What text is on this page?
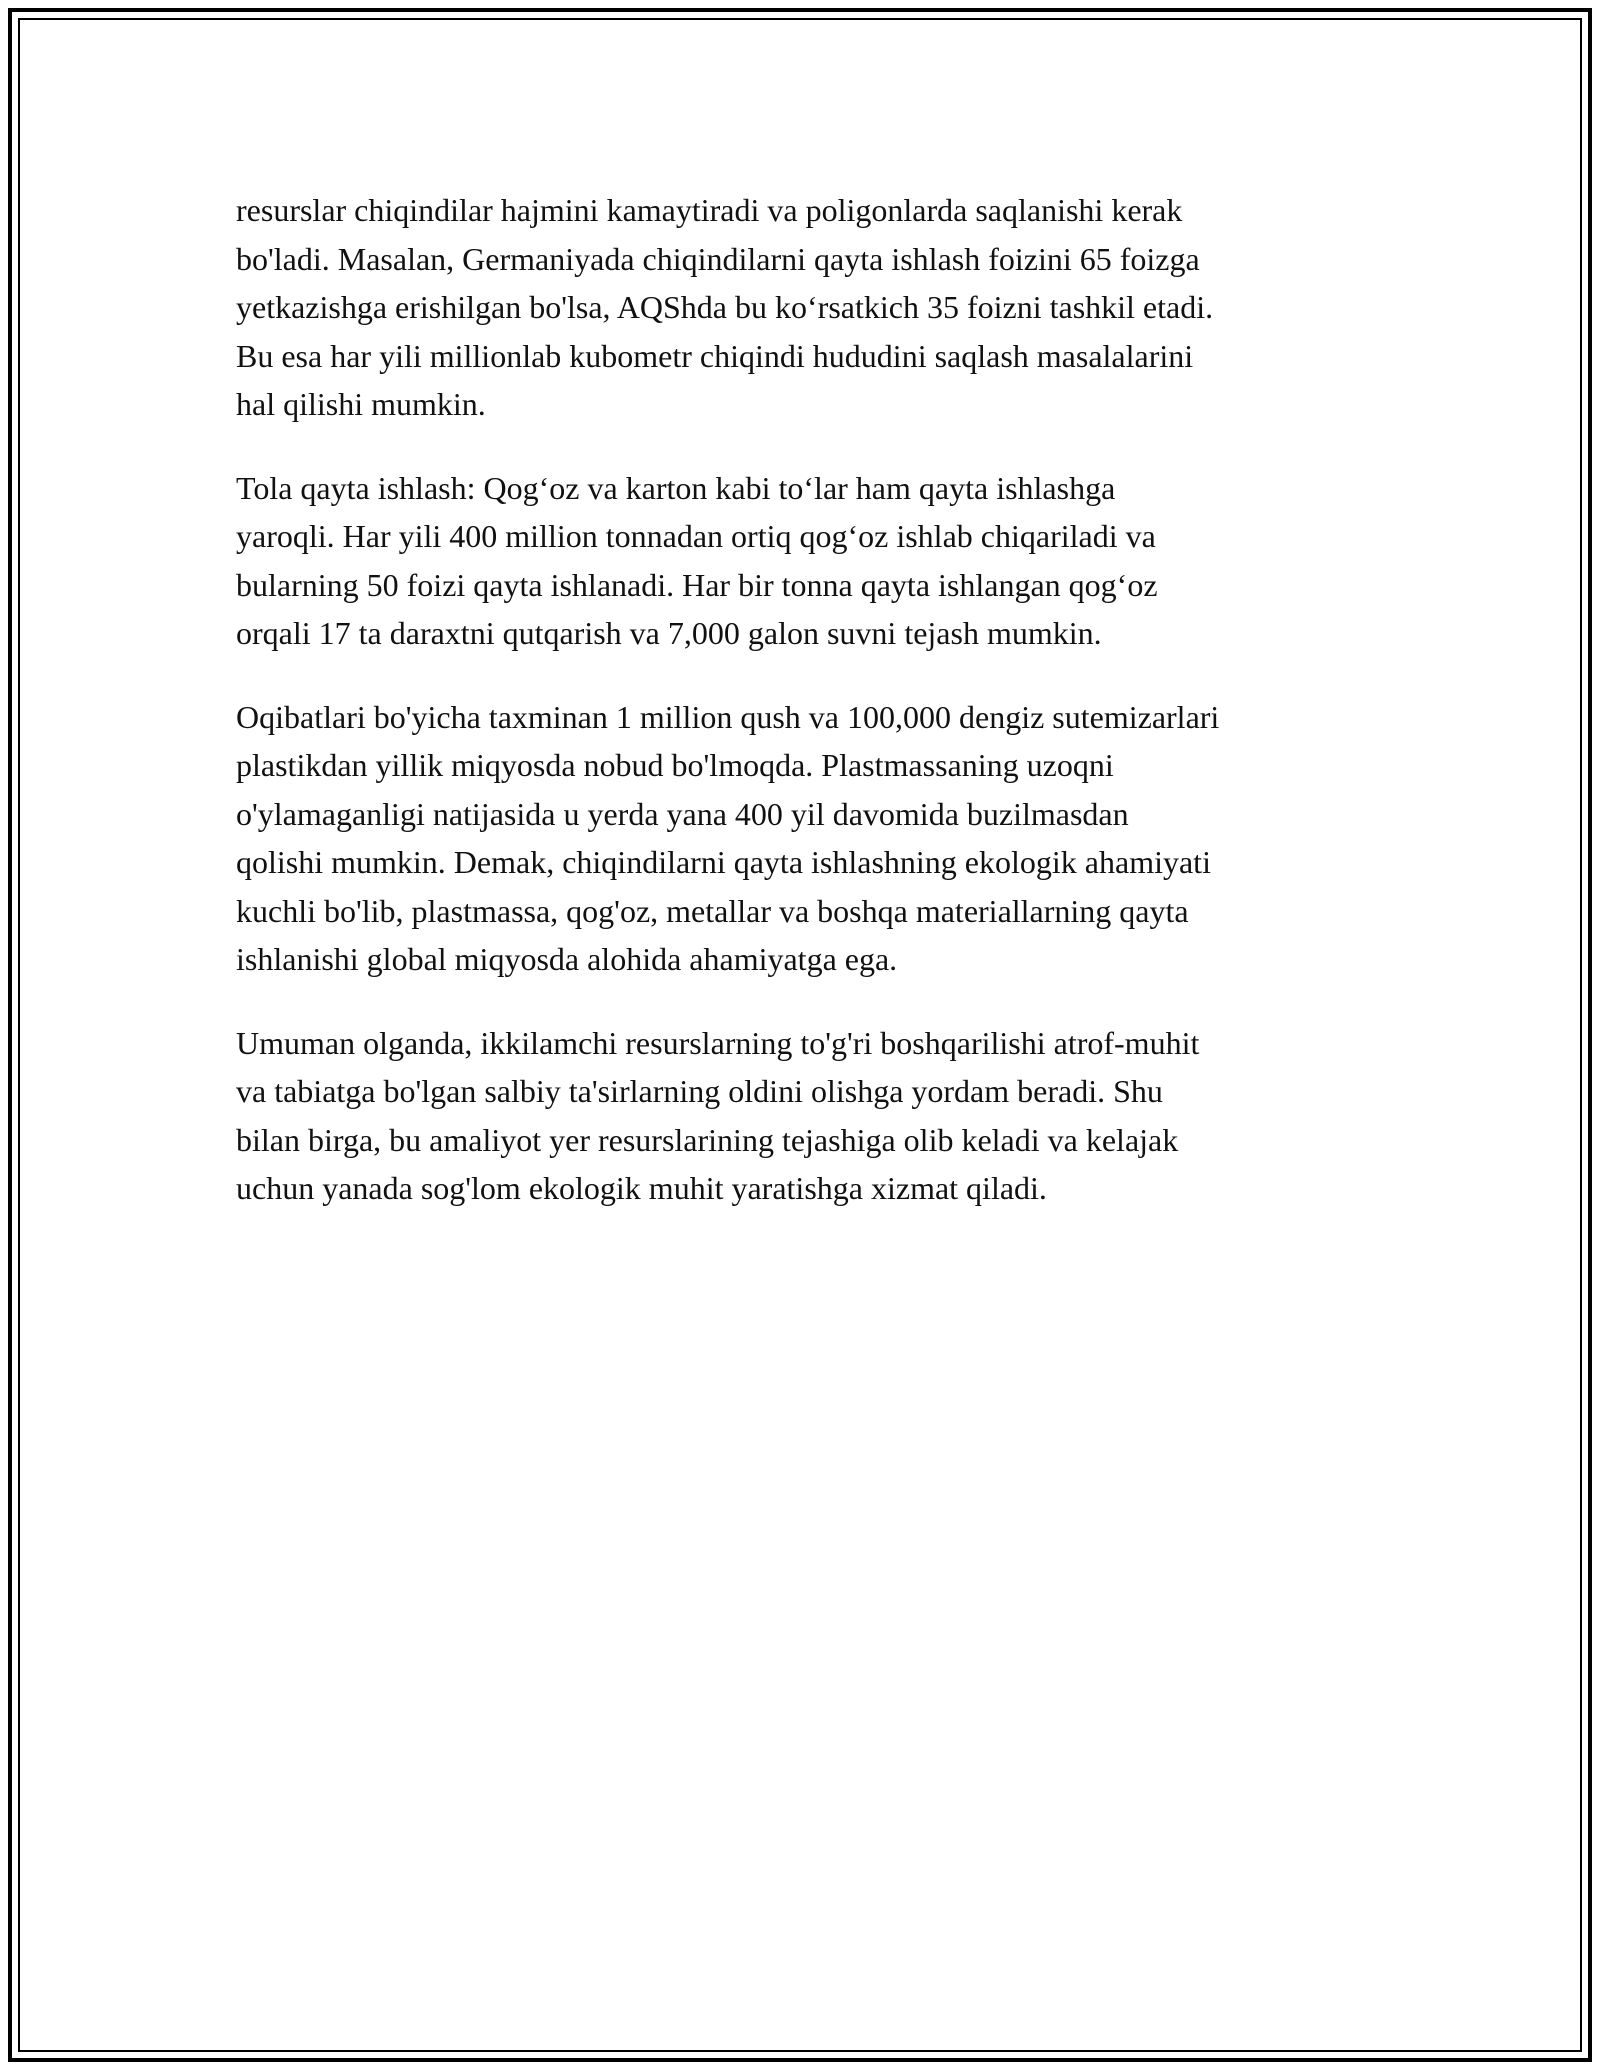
resurslar chiqindilar hajmini kamaytiradi va poligonlarda saqlanishi kerak
bo'ladi. Masalan, Germaniyada chiqindilarni qayta ishlash foizini 65 foizga
yetkazishga erishilgan bo'lsa, AQShda bu ko‘rsatkich 35 foizni tashkil etadi.
Bu esa har yili millionlab kubometr chiqindi hududini saqlash masalalarini
hal qilishi mumkin.

Tola qayta ishlash: Qog‘oz va karton kabi to‘lar ham qayta ishlashga
yaroqli. Har yili 400 million tonnadan ortiq qog‘oz ishlab chiqariladi va
bularning 50 foizi qayta ishlanadi. Har bir tonna qayta ishlangan qog‘oz
orqali 17 ta daraxtni qutqarish va 7,000 galon suvni tejash mumkin.

Oqibatlari bo'yicha taxminan 1 million qush va 100,000 dengiz sutemizarlari
plastikdan yillik miqyosda nobud bo'lmoqda. Plastmassaning uzoqni
o'ylamaganligi natijasida u yerda yana 400 yil davomida buzilmasdan
qolishi mumkin. Demak, chiqindilarni qayta ishlashning ekologik ahamiyati
kuchli bo'lib, plastmassa, qog'oz, metallar va boshqa materiallarning qayta
ishlanishi global miqyosda alohida ahamiyatga ega.

Umuman olganda, ikkilamchi resurslarning to'g'ri boshqarilishi atrof-muhit
va tabiatga bo'lgan salbiy ta'sirlarning oldini olishga yordam beradi. Shu
bilan birga, bu amaliyot yer resurslarining tejashiga olib keladi va kelajak
uchun yanada sog'lom ekologik muhit yaratishga xizmat qiladi.
